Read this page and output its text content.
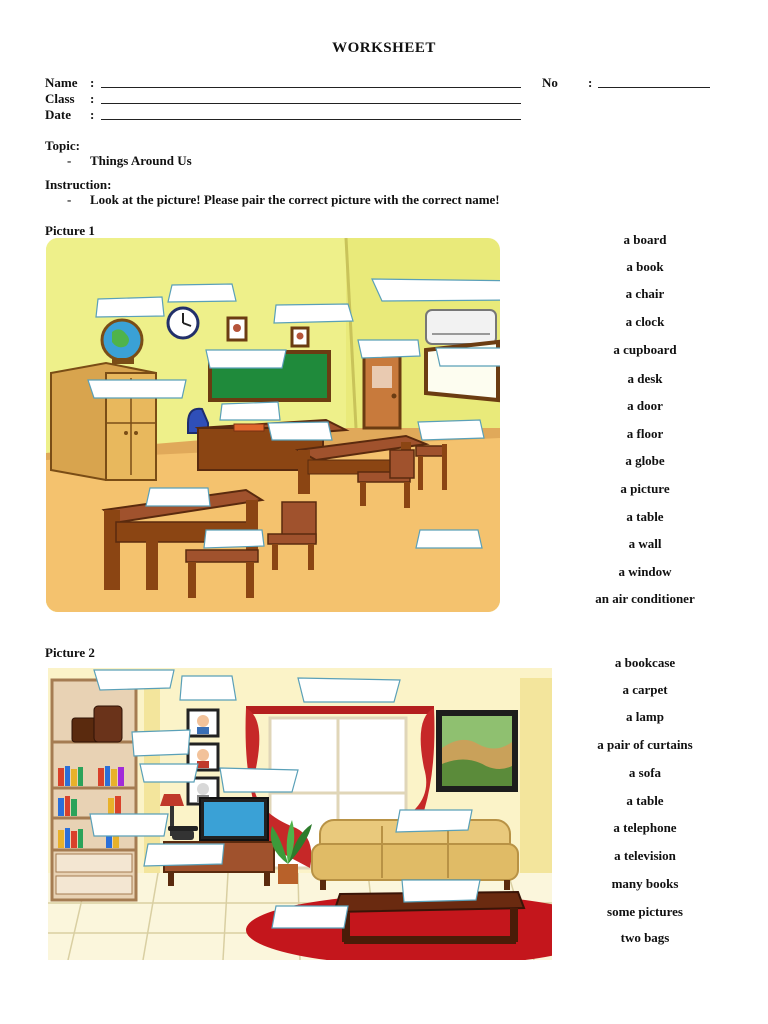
WORKSHEET
Name :
Class :
Date :
No :
Topic:
- Things Around Us
Instruction:
- Look at the picture! Please pair the correct picture with the correct name!
Picture 1
a board
a book
a chair
a clock
a cupboard
a desk
a door
a floor
a globe
a picture
a table
a wall
a window
an air conditioner
Picture 2
a bookcase
a carpet
a lamp
a pair of curtains
a sofa
a table
a telephone
a television
many books
some pictures
two bags
